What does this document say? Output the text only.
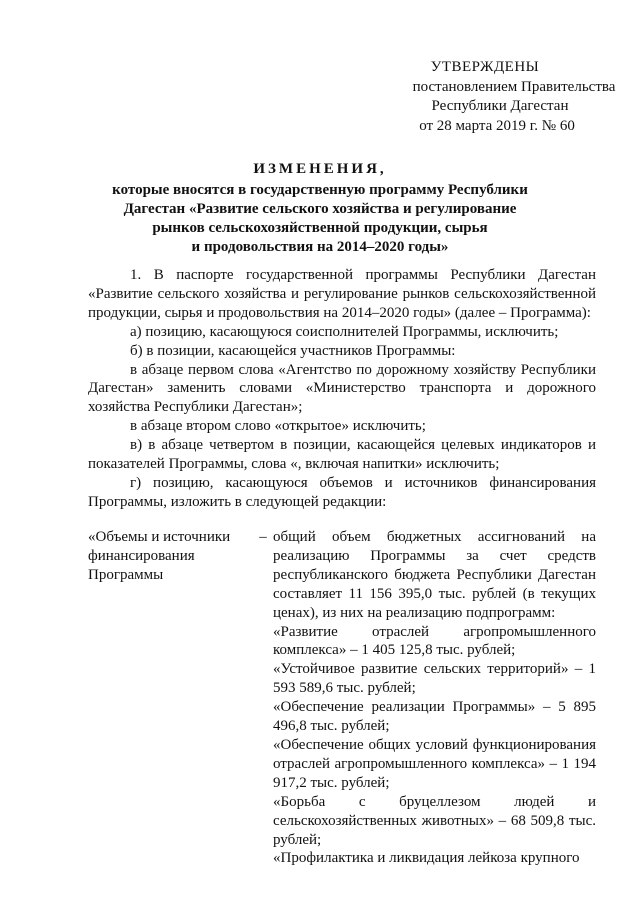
УТВЕРЖДЕНЫ
постановлением Правительства
Республики Дагестан
от 28 марта 2019 г. № 60
ИЗМЕНЕНИЯ,
которые вносятся в государственную программу Республики
Дагестан «Развитие сельского хозяйства и регулирование
рынков сельскохозяйственной продукции, сырья
и продовольствия на 2014–2020 годы»

1. В паспорте государственной программы Республики Дагестан «Развитие сельского хозяйства и регулирование рынков сельскохозяйственной продукции, сырья и продовольствия на 2014–2020 годы» (далее – Программа):

а) позицию, касающуюся соисполнителей Программы, исключить;

б) в позиции, касающейся участников Программы:

в абзаце первом слова «Агентство по дорожному хозяйству Республики Дагестан» заменить словами «Министерство транспорта и дорожного хозяйства Республики Дагестан»;

в абзаце втором слово «открытое» исключить;

в) в абзаце четвертом в позиции, касающейся целевых индикаторов и показателей Программы, слова «, включая напитки» исключить;

г) позицию, касающуюся объемов и источников финансирования Программы, изложить в следующей редакции:

«Объемы и источники
финансирования
Программы
– общий объем бюджетных ассигнований на реализацию Программы за счет средств республиканского бюджета Республики Дагестан составляет 11 156 395,0 тыс. рублей (в текущих ценах), из них на реализацию подпрограмм:

«Развитие отраслей агропромышленного комплекса» – 1 405 125,8 тыс. рублей;

«Устойчивое развитие сельских территорий» – 1 593 589,6 тыс. рублей;

«Обеспечение реализации Программы» – 5 895 496,8 тыс. рублей;

«Обеспечение общих условий функционирования отраслей агропромышленного комплекса» – 1 194 917,2 тыс. рублей;

«Борьба с бруцеллезом людей и сельскохозяйственных животных» – 68 509,8 тыс. рублей;

«Профилактика и ликвидация лейкоза крупного
